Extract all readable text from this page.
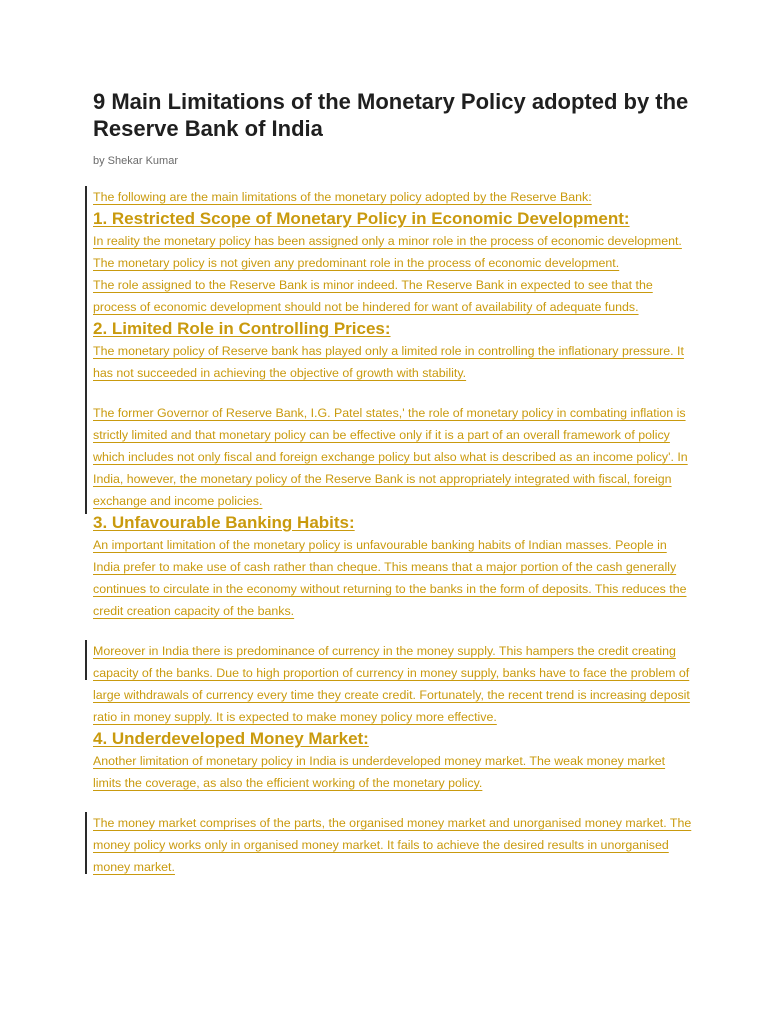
9 Main Limitations of the Monetary Policy adopted by the Reserve Bank of India

by Shekar Kumar

The following are the main limitations of the monetary policy adopted by the Reserve Bank:

1. Restricted Scope of Monetary Policy in Economic Development:

In reality the monetary policy has been assigned only a minor role in the process of economic development. The monetary policy is not given any predominant role in the process of economic development.

The role assigned to the Reserve Bank is minor indeed. The Reserve Bank in expected to see that the process of economic development should not be hindered for want of availability of adequate funds.

2. Limited Role in Controlling Prices:

The monetary policy of Reserve bank has played only a limited role in controlling the inflationary pressure. It has not succeeded in achieving the objective of growth with stability.

The former Governor of Reserve Bank, I.G. Patel states,' the role of monetary policy in combating inflation is strictly limited and that monetary policy can be effective only if it is a part of an overall framework of policy which includes not only fiscal and foreign exchange policy but also what is described as an income policy'. In India, however, the monetary policy of the Reserve Bank is not appropriately integrated with fiscal, foreign exchange and income policies.

3. Unfavourable Banking Habits:

An important limitation of the monetary policy is unfavourable banking habits of Indian masses. People in India prefer to make use of cash rather than cheque. This means that a major portion of the cash generally continues to circulate in the economy without returning to the banks in the form of deposits. This reduces the credit creation capacity of the banks.

Moreover in India there is predominance of currency in the money supply. This hampers the credit creating capacity of the banks. Due to high proportion of currency in money supply, banks have to face the problem of large withdrawals of currency every time they create credit. Fortunately, the recent trend is increasing deposit ratio in money supply. It is expected to make money policy more effective.

4. Underdeveloped Money Market:

Another limitation of monetary policy in India is underdeveloped money market. The weak money market limits the coverage, as also the efficient working of the monetary policy.

The money market comprises of the parts, the organised money market and unorganised money market. The money policy works only in organised money market. It fails to achieve the desired results in unorganised money market.
